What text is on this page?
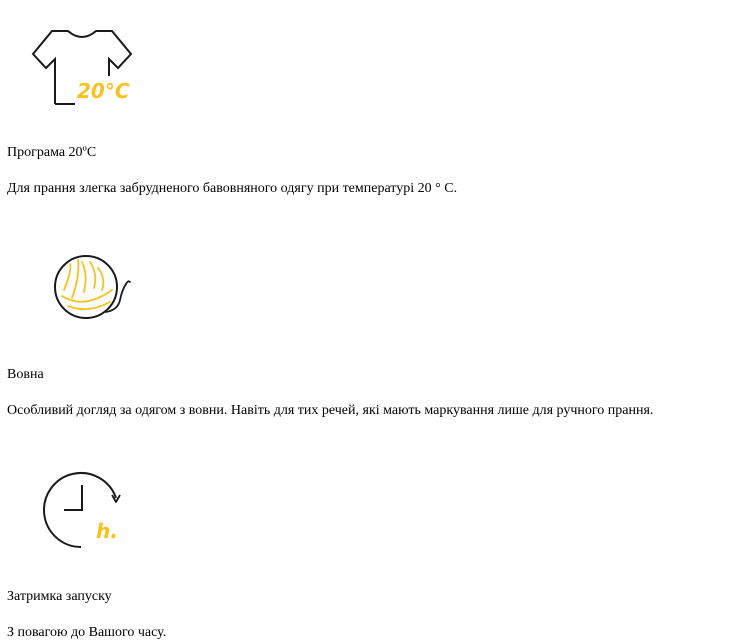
20°C

Програма 20ºС

Для прання злегка забрудненого бавовняного одягу при температурі 20 ° С.

Вовна

Особливий догляд за одягом з вовни. Навіть для тих речей, які мають маркування лише для ручного прання.

h.

Затримка запуску

З повагою до Вашого часу.
